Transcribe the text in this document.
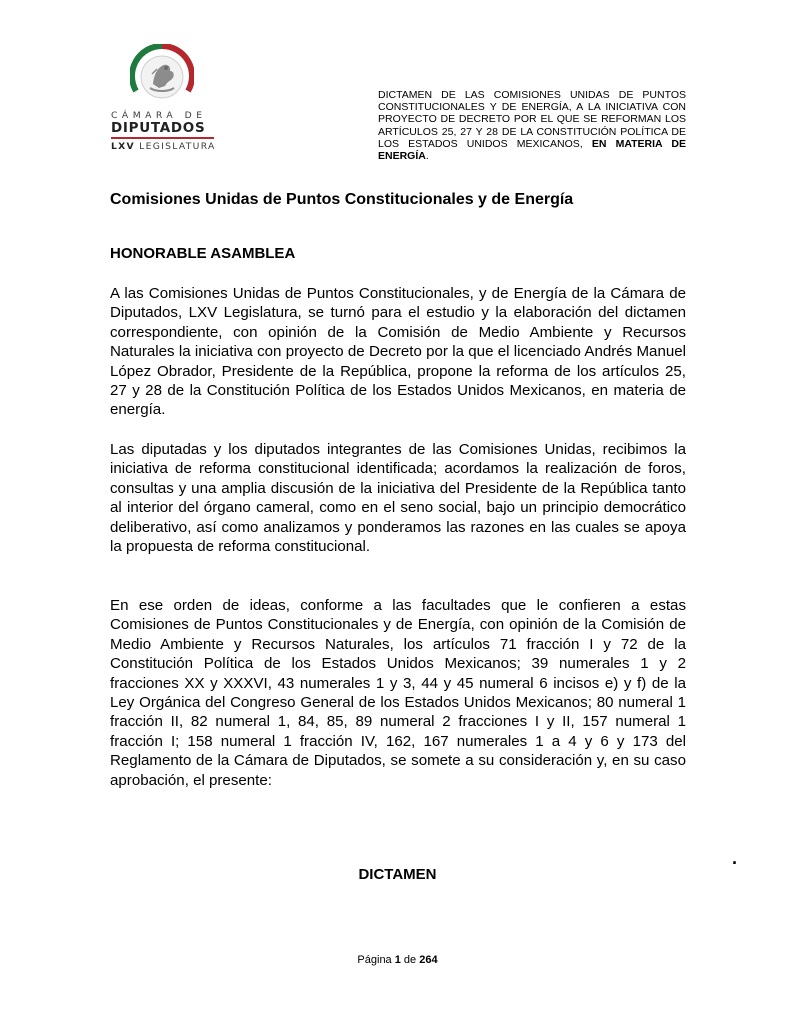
CÁMARA DE
DIPUTADOS
LXV LEGISLATURA

DICTAMEN DE LAS COMISIONES UNIDAS DE PUNTOS CONSTITUCIONALES Y DE ENERGÍA, A LA INICIATIVA CON PROYECTO DE DECRETO POR EL QUE SE REFORMAN LOS ARTÍCULOS 25, 27 Y 28 DE LA CONSTITUCIÓN POLÍTICA DE LOS ESTADOS UNIDOS MEXICANOS, EN MATERIA DE ENERGÍA.

Comisiones Unidas de Puntos Constitucionales y de Energía
HONORABLE ASAMBLEA

A las Comisiones Unidas de Puntos Constitucionales, y de Energía de la Cámara de Diputados, LXV Legislatura, se turnó para el estudio y la elaboración del dictamen correspondiente, con opinión de la Comisión de Medio Ambiente y Recursos Naturales la iniciativa con proyecto de Decreto por la que el licenciado Andrés Manuel López Obrador, Presidente de la República, propone la reforma de los artículos 25, 27 y 28 de la Constitución Política de los Estados Unidos Mexicanos, en materia de energía.

Las diputadas y los diputados integrantes de las Comisiones Unidas, recibimos la iniciativa de reforma constitucional identificada; acordamos la realización de foros, consultas y una amplia discusión de la iniciativa del Presidente de la República tanto al interior del órgano cameral, como en el seno social, bajo un principio democrático deliberativo, así como analizamos y ponderamos las razones en las cuales se apoya la propuesta de reforma constitucional.

En ese orden de ideas, conforme a las facultades que le confieren a estas Comisiones de Puntos Constitucionales y de Energía, con opinión de la Comisión de Medio Ambiente y Recursos Naturales, los artículos 71 fracción I y 72 de la Constitución Política de los Estados Unidos Mexicanos; 39 numerales 1 y 2 fracciones XX y XXXVI, 43 numerales 1 y 3, 44 y 45 numeral 6 incisos e) y f) de la Ley Orgánica del Congreso General de los Estados Unidos Mexicanos; 80 numeral 1 fracción II, 82 numeral 1, 84, 85, 89 numeral 2 fracciones I y II, 157 numeral 1 fracción I; 158 numeral 1 fracción IV, 162, 167 numerales 1 a 4 y 6 y 173 del Reglamento de la Cámara de Diputados, se somete a su consideración y, en su caso aprobación, el presente:

.

DICTAMEN

Página 1 de 264
